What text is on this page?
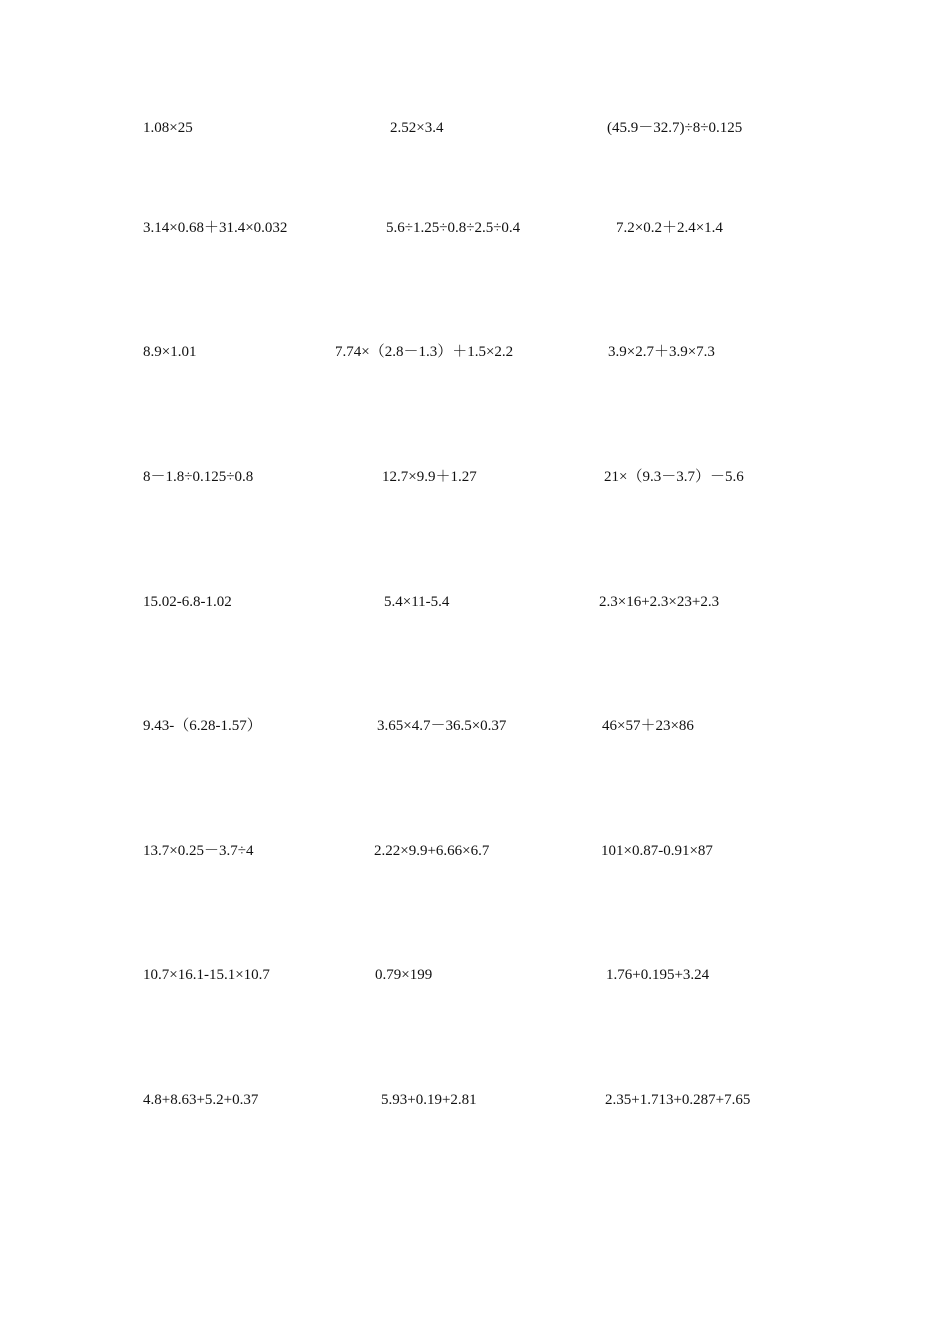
1.08×25	2.52×3.4	(45.9－32.7)÷8÷0.125
3.14×0.68＋31.4×0.032	5.6÷1.25÷0.8÷2.5÷0.4	7.2×0.2＋2.4×1.4
8.9×1.01	7.74×（2.8－1.3）＋1.5×2.2	3.9×2.7＋3.9×7.3
8－1.8÷0.125÷0.8	12.7×9.9＋1.27	21×（9.3－3.7）－5.6
15.02-6.8-1.02	5.4×11-5.4	2.3×16+2.3×23+2.3
9.43-（6.28-1.57）	3.65×4.7－36.5×0.37	46×57＋23×86
13.7×0.25－3.7÷4	2.22×9.9+6.66×6.7	101×0.87-0.91×87
10.7×16.1-15.1×10.7	0.79×199	1.76+0.195+3.24
4.8+8.63+5.2+0.37	5.93+0.19+2.81	2.35+1.713+0.287+7.65
